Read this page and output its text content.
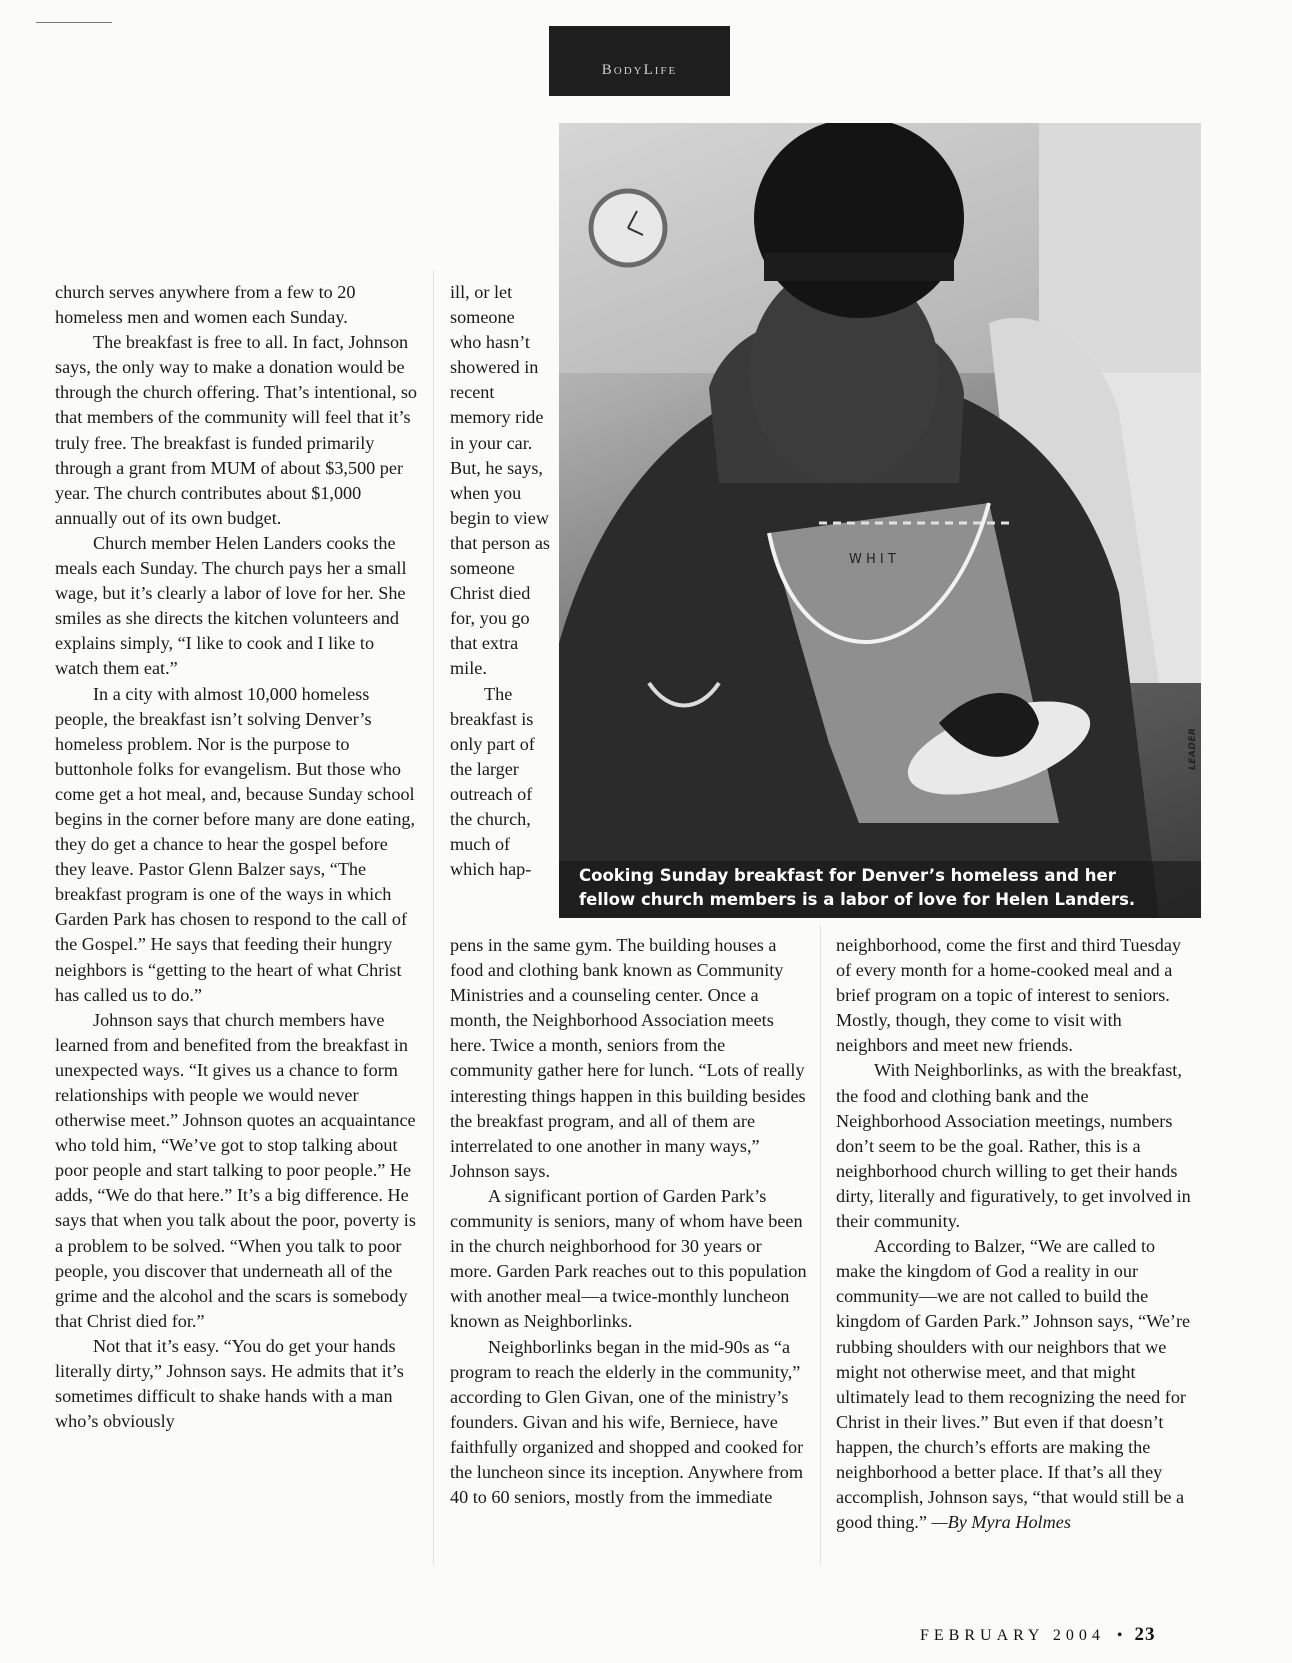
BodyLife
W H I T
Cooking Sunday breakfast for Denver’s homeless and her
fellow church members is a labor of love for Helen Landers.
LEADER

church serves anywhere from a few to 20 homeless men and women each Sunday.

The breakfast is free to all. In fact, Johnson says, the only way to make a donation would be through the church offering. That’s intentional, so that members of the community will feel that it’s truly free. The breakfast is funded primarily through a grant from MUM of about $3,500 per year. The church contributes about $1,000 annually out of its own budget.

Church member Helen Landers cooks the meals each Sunday. The church pays her a small wage, but it’s clearly a labor of love for her. She smiles as she directs the kitchen volunteers and explains simply, “I like to cook and I like to watch them eat.”

In a city with almost 10,000 homeless people, the breakfast isn’t solving Denver’s homeless problem. Nor is the purpose to buttonhole folks for evangelism. But those who come get a hot meal, and, because Sunday school begins in the corner before many are done eating, they do get a chance to hear the gospel before they leave. Pastor Glenn Balzer says, “The breakfast program is one of the ways in which Garden Park has chosen to respond to the call of the Gospel.” He says that feeding their hungry neighbors is “getting to the heart of what Christ has called us to do.”

Johnson says that church members have learned from and benefited from the breakfast in unexpected ways. “It gives us a chance to form relationships with people we would never otherwise meet.” Johnson quotes an acquaintance who told him, “We’ve got to stop talking about poor people and start talking to poor people.” He adds, “We do that here.” It’s a big difference. He says that when you talk about the poor, poverty is a problem to be solved. “When you talk to poor people, you discover that underneath all of the grime and the alcohol and the scars is somebody that Christ died for.”

Not that it’s easy. “You do get your hands literally dirty,” Johnson says. He admits that it’s sometimes difficult to shake hands with a man who’s obviously

ill, or let someone who hasn’t showered in recent memory ride in your car. But, he says, when you begin to view that person as someone Christ died for, you go that extra mile.

The breakfast is only part of the larger outreach of the church, much of which hap-

pens in the same gym. The building houses a food and clothing bank known as Community Ministries and a counseling center. Once a month, the Neighborhood Association meets here. Twice a month, seniors from the community gather here for lunch. “Lots of really interesting things happen in this building besides the breakfast program, and all of them are interrelated to one another in many ways,” Johnson says.

A significant portion of Garden Park’s community is seniors, many of whom have been in the church neighborhood for 30 years or more. Garden Park reaches out to this population with another meal—a twice-monthly luncheon known as Neighborlinks.

Neighborlinks began in the mid-90s as “a program to reach the elderly in the community,” according to Glen Givan, one of the ministry’s founders. Givan and his wife, Berniece, have faithfully organized and shopped and cooked for the luncheon since its inception. Anywhere from 40 to 60 seniors, mostly from the immediate

neighborhood, come the first and third Tuesday of every month for a home-cooked meal and a brief program on a topic of interest to seniors. Mostly, though, they come to visit with neighbors and meet new friends.

With Neighborlinks, as with the breakfast, the food and clothing bank and the Neighborhood Association meetings, numbers don’t seem to be the goal. Rather, this is a neighborhood church willing to get their hands dirty, literally and figuratively, to get involved in their community.

According to Balzer, “We are called to make the kingdom of God a reality in our community—we are not called to build the kingdom of Garden Park.” Johnson says, “We’re rubbing shoulders with our neighbors that we might not otherwise meet, and that might ultimately lead to them recognizing the need for Christ in their lives.” But even if that doesn’t happen, the church’s efforts are making the neighborhood a better place. If that’s all they accomplish, Johnson says, “that would still be a good thing.” —By Myra Holmes

FEBRUARY 2004 • 23
